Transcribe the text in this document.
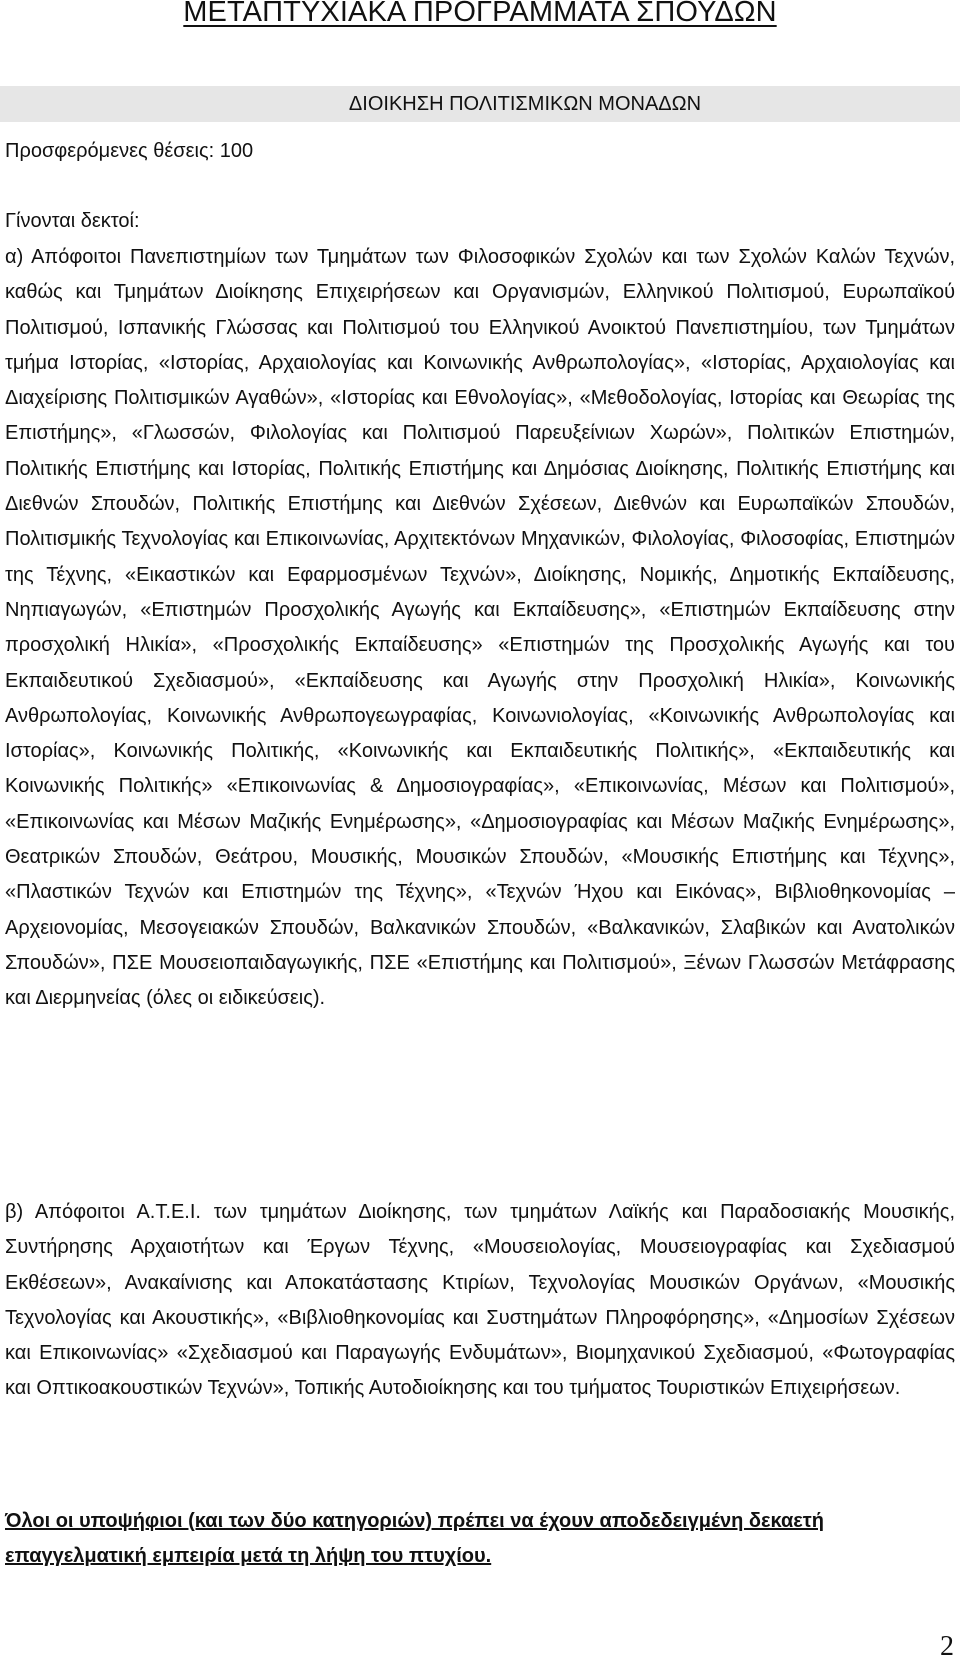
ΜΕΤΑΠΤΥΧΙΑΚΑ ΠΡΟΓΡΑΜΜΑΤΑ ΣΠΟΥΔΩΝ
ΔΙΟΙΚΗΣΗ ΠΟΛΙΤΙΣΜΙΚΩΝ ΜΟΝΑΔΩΝ

Προσφερόμενες θέσεις: 100

Γίνονται δεκτοί:

α) Απόφοιτοι Πανεπιστημίων των Τμημάτων των Φιλοσοφικών Σχολών και των Σχολών Καλών Τεχνών, καθώς και Τμημάτων Διοίκησης Επιχειρήσεων και Οργανισμών, Ελληνικού Πολιτισμού, Ευρωπαϊκού Πολιτισμού, Ισπανικής Γλώσσας και Πολιτισμού του Ελληνικού Ανοικτού Πανεπιστημίου, των Τμημάτων τμήμα Ιστορίας, «Ιστορίας, Αρχαιολογίας και Κοινωνικής Ανθρωπολογίας», «Ιστορίας, Αρχαιολογίας και Διαχείρισης Πολιτισμικών Αγαθών», «Ιστορίας και Εθνολογίας», «Μεθοδολογίας, Ιστορίας και Θεωρίας της Επιστήμης», «Γλωσσών, Φιλολογίας και Πολιτισμού Παρευξείνιων Χωρών», Πολιτικών Επιστημών, Πολιτικής Επιστήμης και Ιστορίας, Πολιτικής Επιστήμης και Δημόσιας Διοίκησης, Πολιτικής Επιστήμης και Διεθνών Σπουδών, Πολιτικής Επιστήμης και Διεθνών Σχέσεων, Διεθνών και Ευρωπαϊκών Σπουδών, Πολιτισμικής Τεχνολογίας και Επικοινωνίας, Αρχιτεκτόνων Μηχανικών, Φιλολογίας, Φιλοσοφίας, Επιστημών της Τέχνης, «Εικαστικών και Εφαρμοσμένων Τεχνών», Διοίκησης, Νομικής, Δημοτικής Εκπαίδευσης, Νηπιαγωγών, «Επιστημών Προσχολικής Αγωγής και Εκπαίδευσης», «Επιστημών Εκπαίδευσης στην προσχολική Ηλικία», «Προσχολικής Εκπαίδευσης» «Επιστημών της Προσχολικής Αγωγής και του Εκπαιδευτικού Σχεδιασμού», «Εκπαίδευσης και Αγωγής στην Προσχολική Ηλικία», Κοινωνικής Ανθρωπολογίας, Κοινωνικής Ανθρωπογεωγραφίας, Κοινωνιολογίας, «Κοινωνικής Ανθρωπολογίας και Ιστορίας», Κοινωνικής Πολιτικής, «Κοινωνικής και Εκπαιδευτικής Πολιτικής», «Εκπαιδευτικής και Κοινωνικής Πολιτικής» «Επικοινωνίας & Δημοσιογραφίας», «Επικοινωνίας, Μέσων και Πολιτισμού», «Επικοινωνίας και Μέσων Μαζικής Ενημέρωσης», «Δημοσιογραφίας και Μέσων Μαζικής Ενημέρωσης», Θεατρικών Σπουδών, Θεάτρου, Μουσικής, Μουσικών Σπουδών, «Μουσικής Επιστήμης και Τέχνης», «Πλαστικών Τεχνών και Επιστημών της Τέχνης», «Τεχνών Ήχου και Εικόνας», Βιβλιοθηκονομίας – Αρχειονομίας, Μεσογειακών Σπουδών, Βαλκανικών Σπουδών, «Βαλκανικών, Σλαβικών και Ανατολικών Σπουδών», ΠΣΕ Μουσειοπαιδαγωγικής, ΠΣΕ «Επιστήμης και Πολιτισμού», Ξένων Γλωσσών Μετάφρασης και Διερμηνείας (όλες οι ειδικεύσεις).

β) Απόφοιτοι Α.Τ.Ε.Ι. των τμημάτων Διοίκησης, των τμημάτων Λαϊκής και Παραδοσιακής Μουσικής, Συντήρησης Αρχαιοτήτων και Έργων Τέχνης, «Μουσειολογίας, Μουσειογραφίας και Σχεδιασμού Εκθέσεων», Ανακαίνισης και Αποκατάστασης Κτιρίων, Τεχνολογίας Μουσικών Οργάνων, «Μουσικής Τεχνολογίας και Ακουστικής», «Βιβλιοθηκονομίας και Συστημάτων Πληροφόρησης», «Δημοσίων Σχέσεων και Επικοινωνίας» «Σχεδιασμού και Παραγωγής Ενδυμάτων», Βιομηχανικού Σχεδιασμού, «Φωτογραφίας και Οπτικοακουστικών Τεχνών», Τοπικής Αυτοδιοίκησης και του τμήματος Τουριστικών Επιχειρήσεων.

Όλοι οι υποψήφιοι (και των δύο κατηγοριών) πρέπει να έχουν αποδεδειγμένη δεκαετή επαγγελματική εμπειρία μετά τη λήψη του πτυχίου.

2
